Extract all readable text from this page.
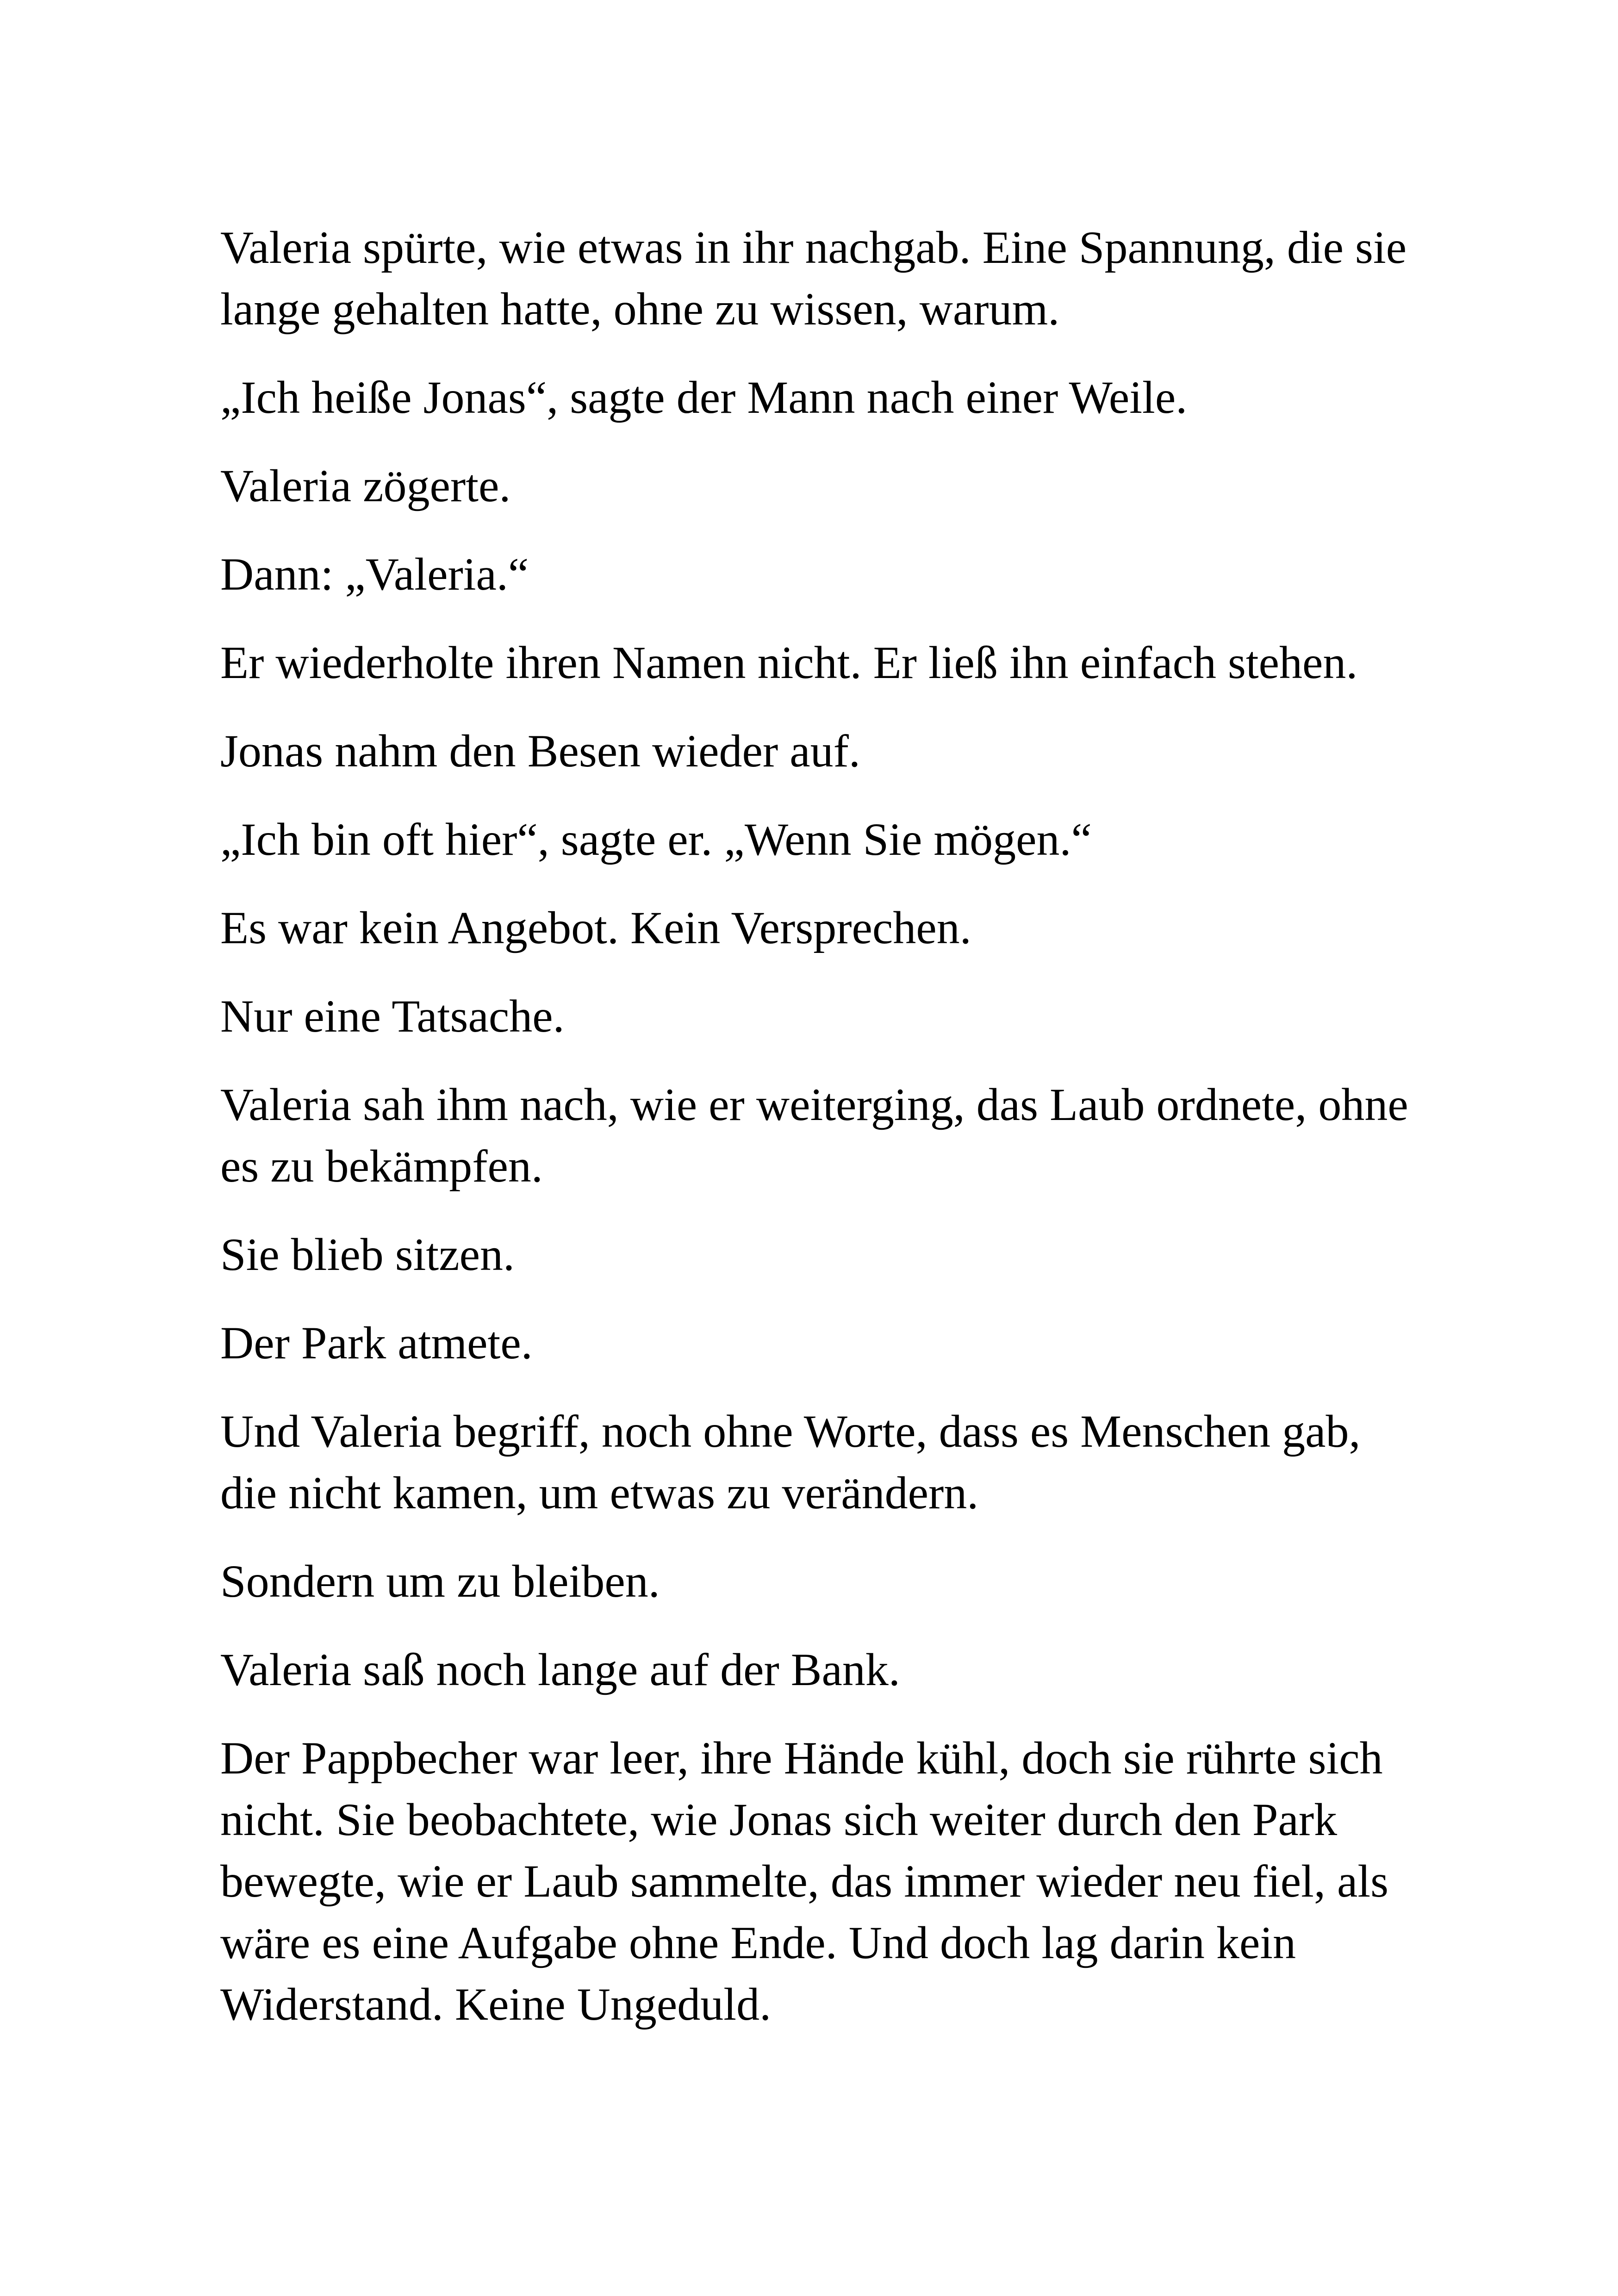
Valeria spürte, wie etwas in ihr nachgab. Eine Spannung, die sie lange gehalten hatte, ohne zu wissen, warum.

„Ich heiße Jonas“, sagte der Mann nach einer Weile.

Valeria zögerte.

Dann: „Valeria.“

Er wiederholte ihren Namen nicht. Er ließ ihn einfach stehen.

Jonas nahm den Besen wieder auf.

„Ich bin oft hier“, sagte er. „Wenn Sie mögen.“

Es war kein Angebot. Kein Versprechen.

Nur eine Tatsache.

Valeria sah ihm nach, wie er weiterging, das Laub ordnete, ohne es zu bekämpfen.

Sie blieb sitzen.

Der Park atmete.

Und Valeria begriff, noch ohne Worte, dass es Menschen gab, die nicht kamen, um etwas zu verändern.

Sondern um zu bleiben.

Valeria saß noch lange auf der Bank.

Der Pappbecher war leer, ihre Hände kühl, doch sie rührte sich nicht. Sie beobachtete, wie Jonas sich weiter durch den Park bewegte, wie er Laub sammelte, das immer wieder neu fiel, als wäre es eine Aufgabe ohne Ende. Und doch lag darin kein Widerstand. Keine Ungeduld.
